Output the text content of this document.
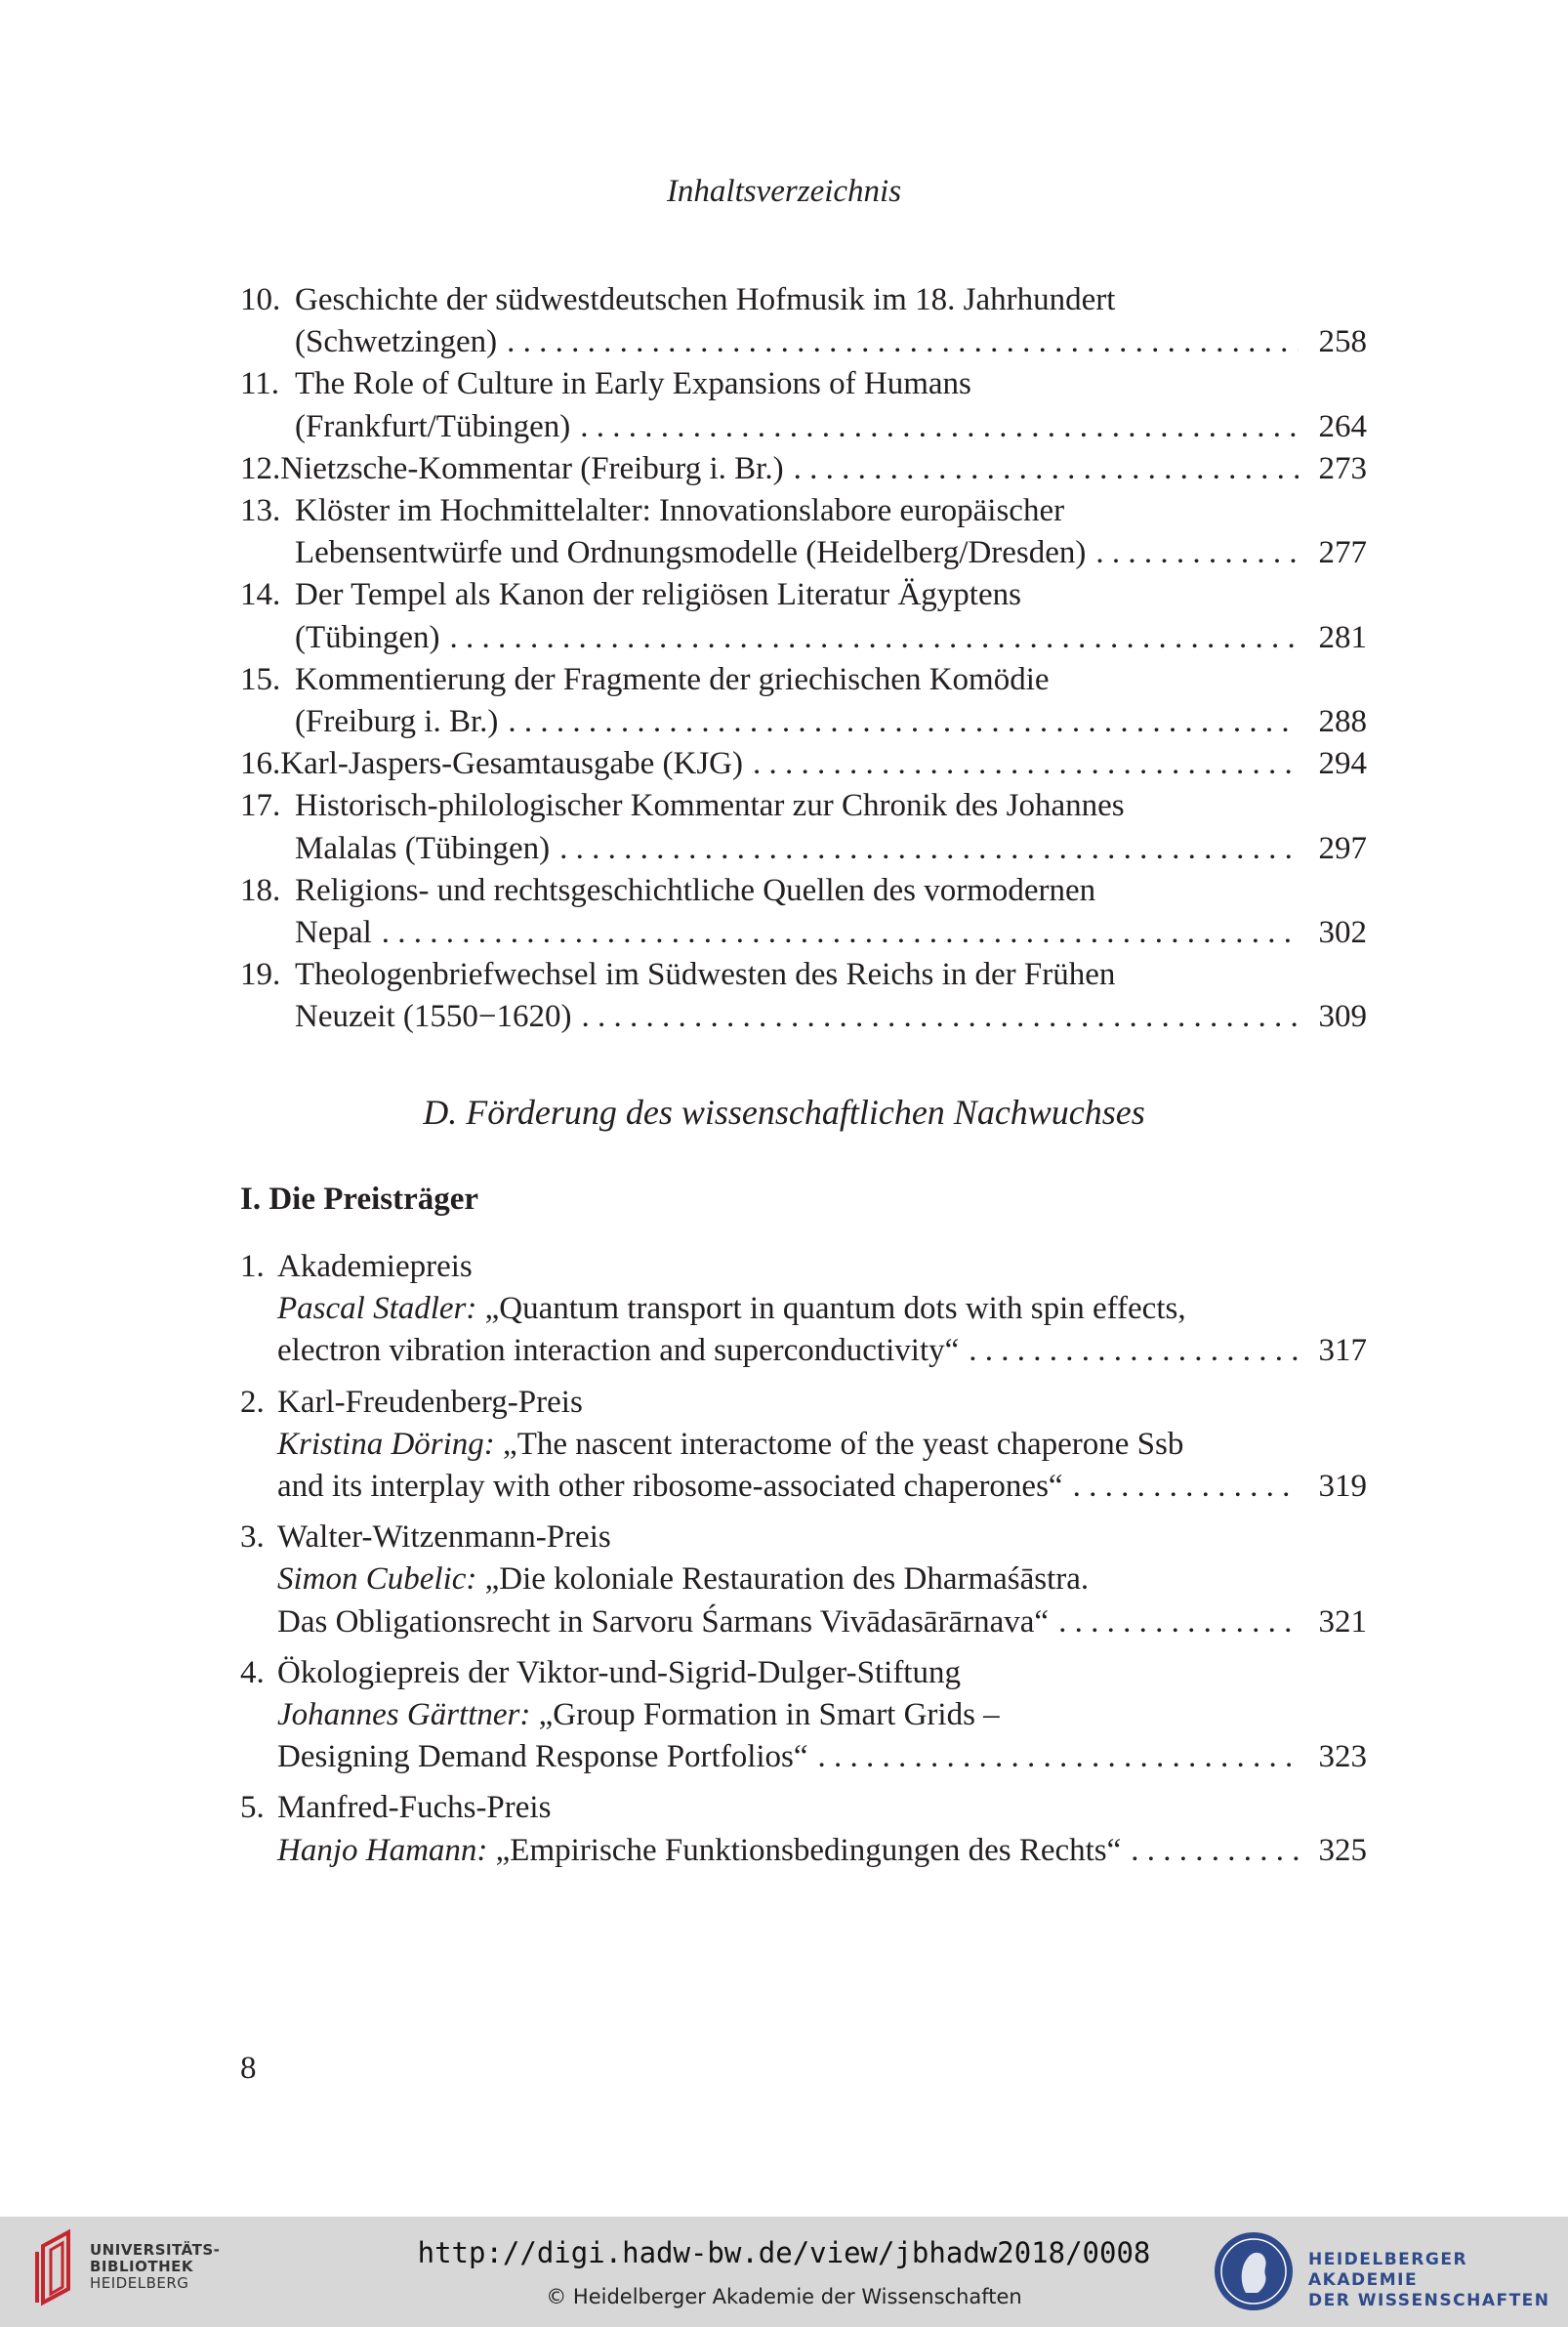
Inhaltsverzeichnis
10. Geschichte der südwestdeutschen Hofmusik im 18. Jahrhundert
(Schwetzingen) . . .	258
11. The Role of Culture in Early Expansions of Humans
(Frankfurt/Tübingen) . . .	264
12. Nietzsche-Kommentar (Freiburg i. Br.) . . .	273
13. Klöster im Hochmittelalter: Innovationslabore europäischer
Lebensentwürfe und Ordnungsmodelle (Heidelberg/Dresden) . . .	277
14. Der Tempel als Kanon der religiösen Literatur Ägyptens
(Tübingen) . . .	281
15. Kommentierung der Fragmente der griechischen Komödie
(Freiburg i. Br.) . . .	288
16. Karl-Jaspers-Gesamtausgabe (KJG) . . .	294
17. Historisch-philologischer Kommentar zur Chronik des Johannes
Malalas (Tübingen) . . .	297
18. Religions- und rechtsgeschichtliche Quellen des vormodernen
Nepal . . .	302
19. Theologenbriefwechsel im Südwesten des Reichs in der Frühen
Neuzeit (1550−1620) . . .	309
D. Förderung des wissenschaftlichen Nachwuchses
I. Die Preisträger
1. Akademiepreis
Pascal Stadler: „Quantum transport in quantum dots with spin effects,
electron vibration interaction and superconductivity“ . . .	317
2. Karl-Freudenberg-Preis
Kristina Döring: „The nascent interactome of the yeast chaperone Ssb
and its interplay with other ribosome-associated chaperones“ . . .	319
3. Walter-Witzenmann-Preis
Simon Cubelic: „Die koloniale Restauration des Dharmaśāstra.
Das Obligationsrecht in Sarvoru Śarmans Vivādasārārnava“ . . .	321
4. Ökologiepreis der Viktor-und-Sigrid-Dulger-Stiftung
Johannes Gärttner: „Group Formation in Smart Grids –
Designing Demand Response Portfolios“ . . .	323
5. Manfred-Fuchs-Preis
Hanjo Hamann:
„Empirische Funktionsbedingungen des Rechts“ . . .	325
8
UNIVERSITÄTS-
BIBLIOTHEK
HEIDELBERG
http://digi.hadw-bw.de/view/jbhadw2018/0008
© Heidelberger Akademie der Wissenschaften
HEIDELBERGER AKADEMIE
DER WISSENSCHAFTEN
